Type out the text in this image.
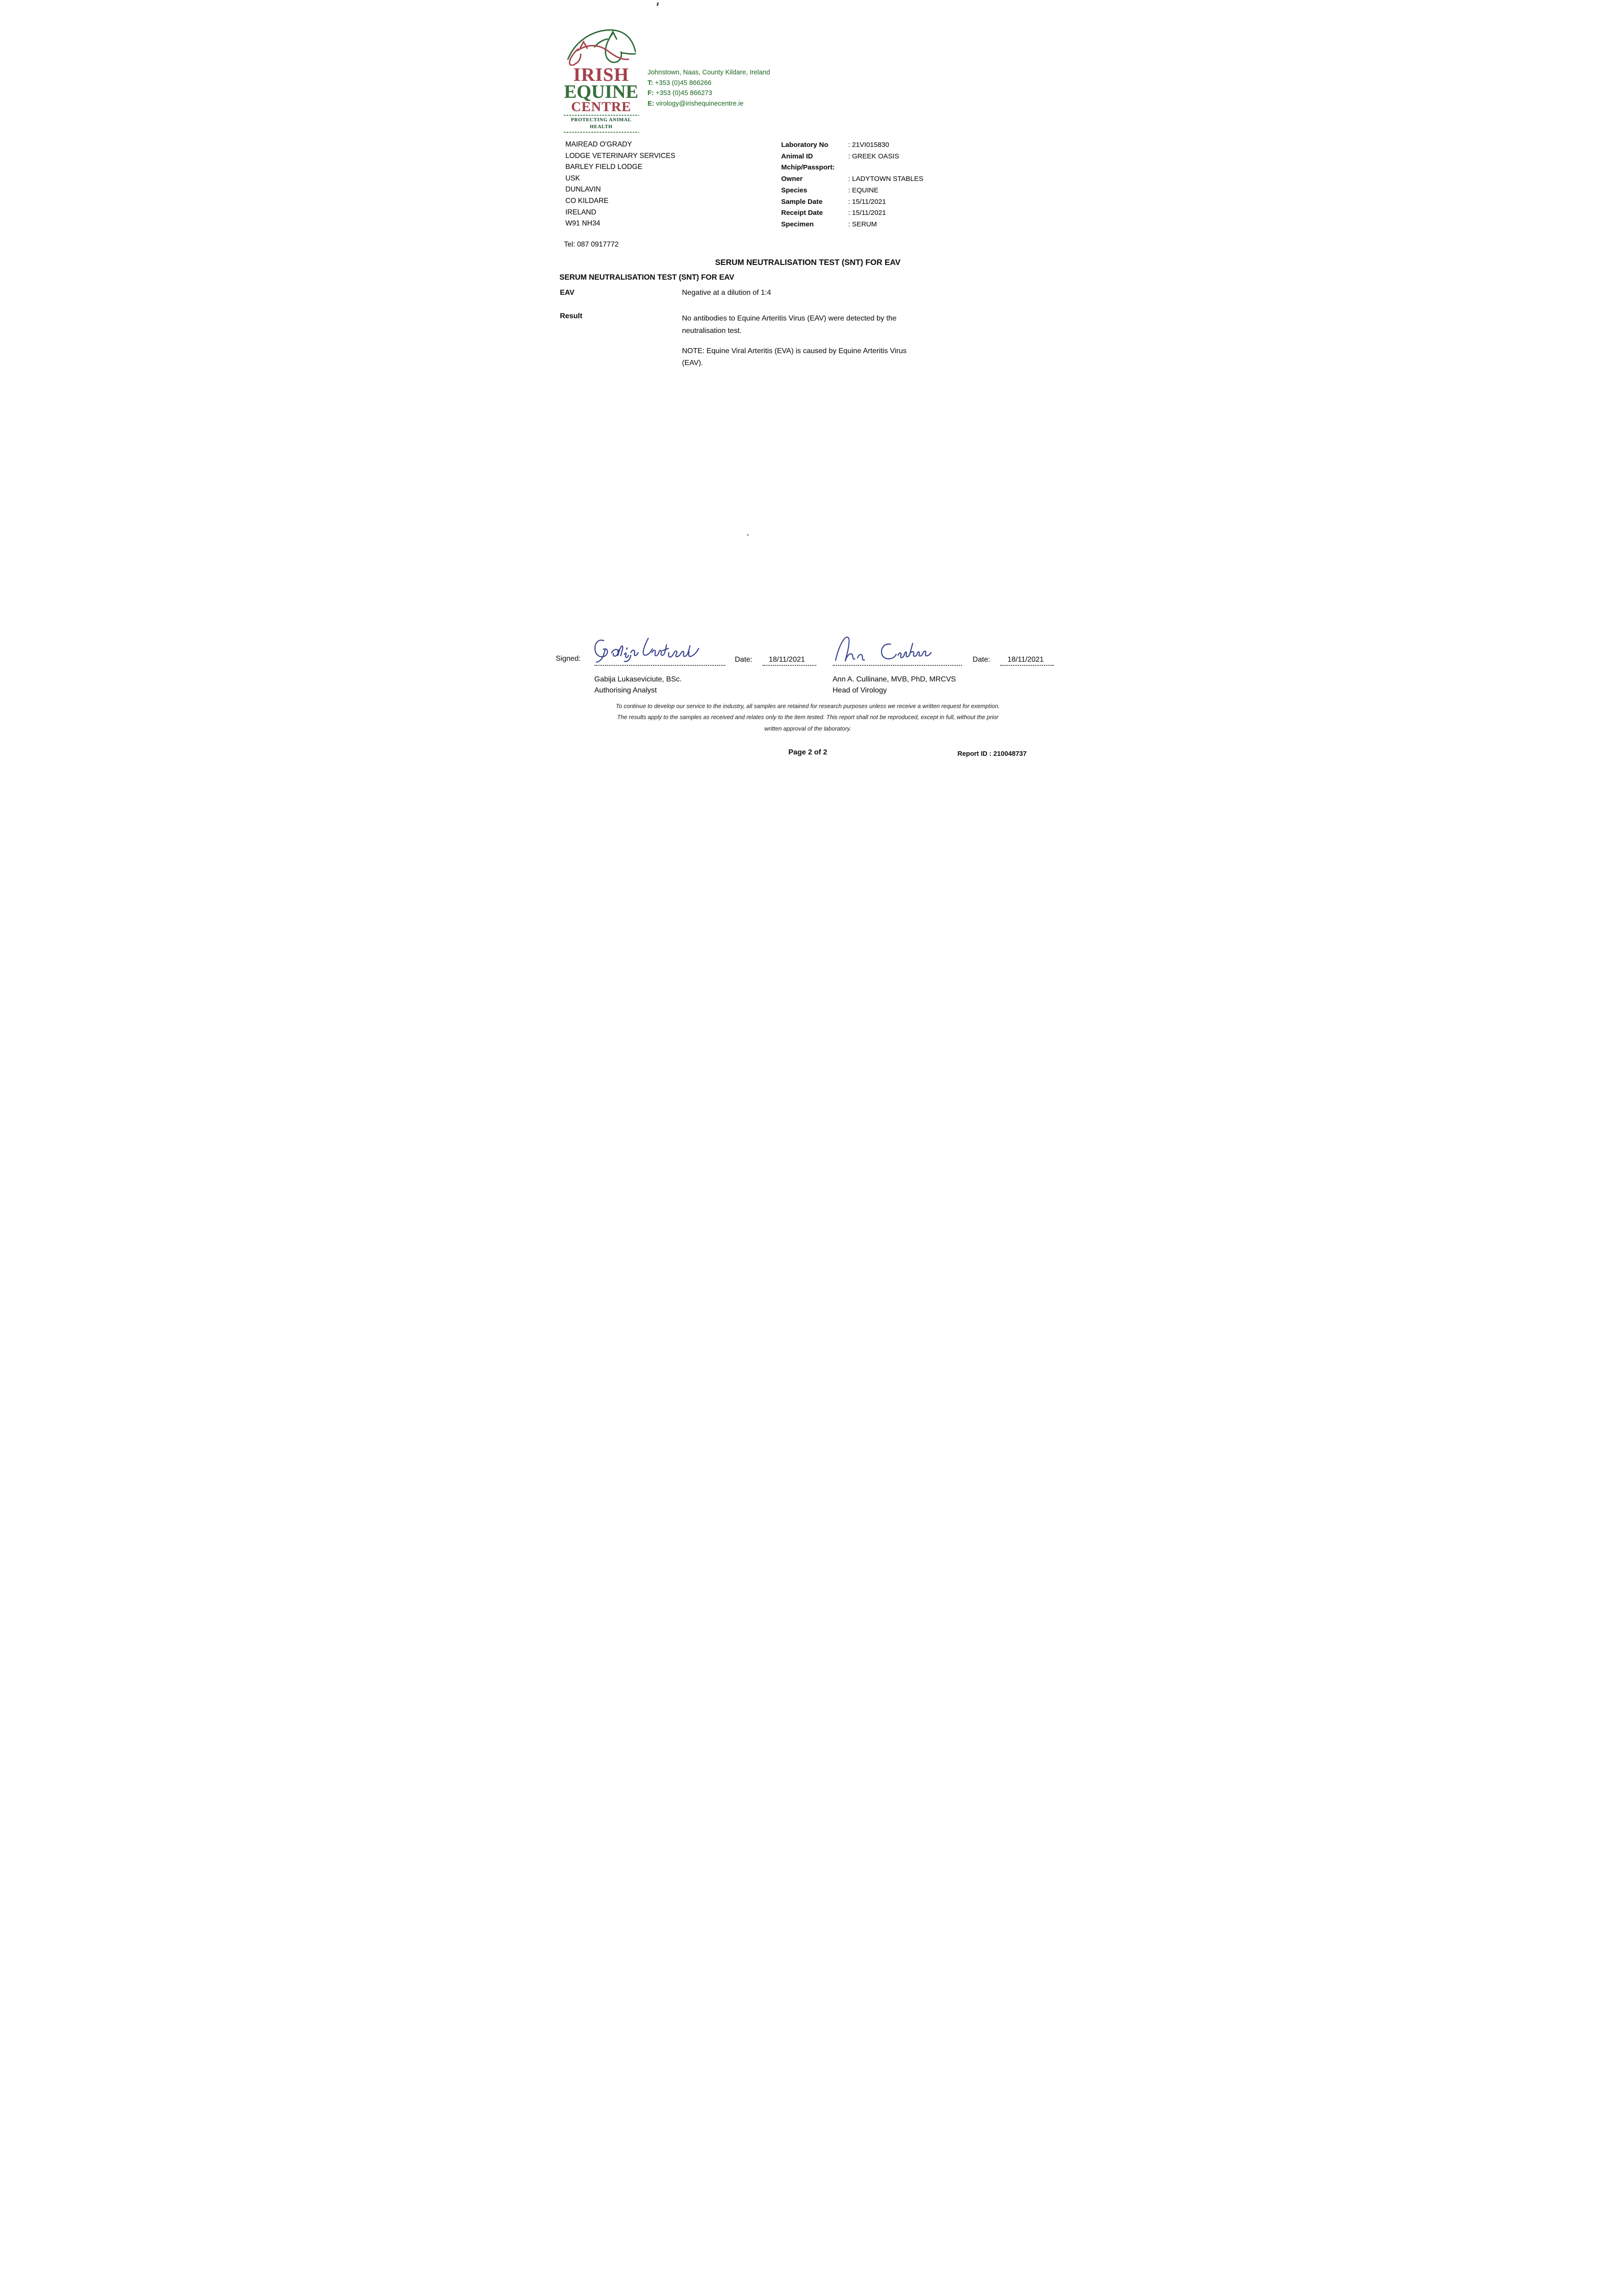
IRISH
EQUINE
CENTRE
PROTECTING ANIMAL HEALTH
Johnstown, Naas, County Kildare, Ireland
T: +353 (0)45 866266
F: +353 (0)45 866273
E: virology@irishequinecentre.ie
MAIREAD O'GRADY
LODGE VETERINARY SERVICES
BARLEY FIELD LODGE
USK
DUNLAVIN
CO KILDARE
IRELAND
W91 NH34
Tel: 087 0917772
Laboratory No	: 21VI015830
Animal ID	: GREEK OASIS
Mchip/Passport:
Owner	: LADYTOWN STABLES
Species	: EQUINE
Sample Date	: 15/11/2021
Receipt Date	: 15/11/2021
Specimen	: SERUM
SERUM NEUTRALISATION TEST (SNT) FOR EAV
SERUM NEUTRALISATION TEST (SNT) FOR EAV
EAV	Negative at a dilution of 1:4
Result	No antibodies to Equine Arteritis Virus (EAV) were detected by the
neutralisation test.
NOTE: Equine Viral Arteritis (EVA) is caused by Equine Arteritis Virus
(EAV).
Signed:	Date: 18/11/2021	Date: 18/11/2021
Gabija Lukaseviciute, BSc.
Authorising Analyst
Ann A. Cullinane, MVB, PhD, MRCVS
Head of Virology
To continue to develop our service to the industry, all samples are retained for research purposes unless we receive a written request for exemption.
The results apply to the samples as received and relates only to the item tested. This report shall not be reproduced, except in full, without the prior
written approval of the laboratory.
Page 2 of 2	Report ID : 210048737
